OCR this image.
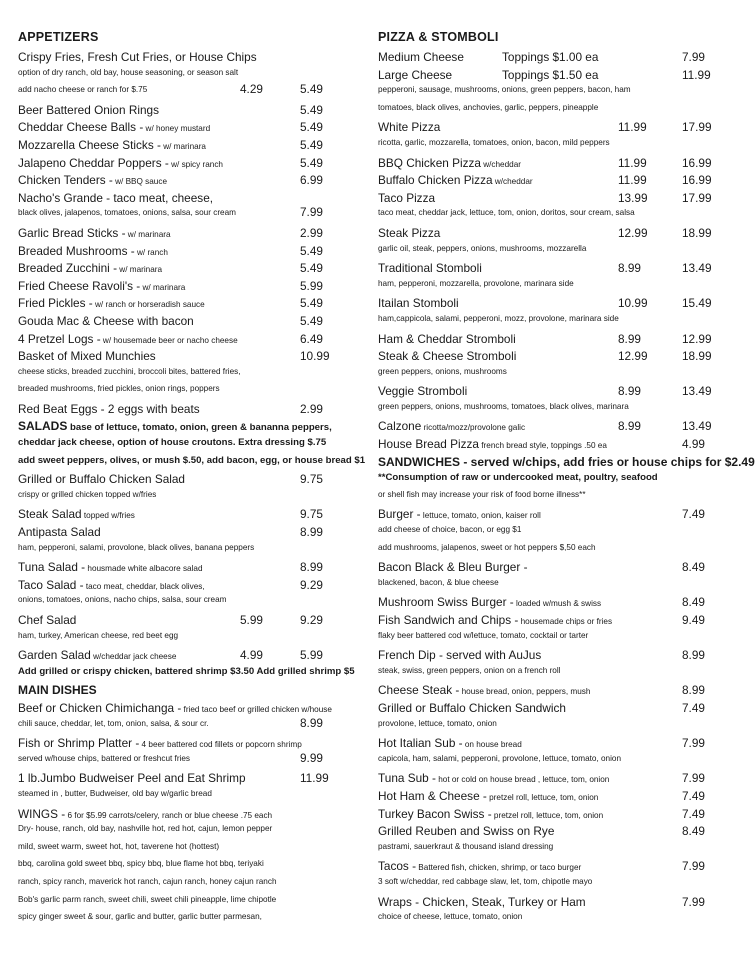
APPETIZERS
Crispy Fries, Fresh Cut Fries, or House Chips
option of dry ranch, old bay, house seasoning, or season salt
add nacho cheese or ranch for $.75	4.29	5.49
Beer Battered Onion Rings	5.49
Cheddar Cheese Balls - w/ honey mustard	5.49
Mozzarella Cheese Sticks - w/ marinara	5.49
Jalapeno Cheddar Poppers - w/ spicy ranch	5.49
Chicken Tenders - w/ BBQ sauce	6.99
Nacho's Grande - taco meat, cheese,
black olives, jalapenos, tomatoes, onions, salsa, sour cream	7.99
Garlic Bread Sticks - w/ marinara	2.99
Breaded Mushrooms - w/ ranch	5.49
Breaded Zucchini - w/ marinara	5.49
Fried Cheese Ravoli's - w/ marinara	5.99
Fried Pickles - w/ ranch or horseradish sauce	5.49
Gouda Mac & Cheese with bacon	5.49
4 Pretzel Logs - w/ housemade beer or nacho cheese	6.49
Basket of Mixed Munchies	10.99
cheese sticks, breaded zucchini, broccoli bites, battered fries,
breaded mushrooms, fried pickles, onion rings, poppers
Red Beat Eggs - 2 eggs with beats	2.99
SALADS base of lettuce, tomato, onion, green & bananna peppers,
cheddar jack cheese, option of house croutons. Extra dressing $.75
add sweet peppers, olives, or mush $.50, add bacon, egg, or house bread $1
Grilled or Buffalo Chicken Salad	9.75
crispy or grilled chicken topped w/fries
Steak Salad topped w/fries	9.75
Antipasta Salad	8.99
ham, pepperoni, salami, provolone, black olives, banana peppers
Tuna Salad - housmade white albacore salad	8.99
Taco Salad - taco meat, cheddar, black olives,	9.29
onions, tomatoes, onions, nacho chips, salsa, sour cream
Chef Salad	5.99	9.29
ham, turkey, American cheese, red beet egg
Garden Salad w/cheddar jack cheese	4.99	5.99
Add grilled or crispy chicken, battered shrimp $3.50 Add grilled shrimp $5
MAIN DISHES
Beef or Chicken Chimichanga - fried taco beef or grilled chicken w/house
chili sauce, cheddar, let, tom, onion, salsa, & sour cr.	8.99
Fish or Shrimp Platter - 4 beer battered cod fillets or popcorn shrimp
served w/house chips, battered or freshcut fries	9.99
1 lb.Jumbo Budweiser Peel and Eat Shrimp	11.99
steamed in , butter, Budweiser, old bay w/garlic bread
WINGS - 6 for $5.99 carrots/celery, ranch or blue cheese .75 each
Dry- house, ranch, old bay, nashville hot, red hot, cajun, lemon pepper
mild, sweet warm, sweet hot, hot, taverene hot (hottest)
bbq, carolina gold sweet bbq, spicy bbq, blue flame hot bbq, teriyaki
ranch, spicy ranch, maverick hot ranch, cajun ranch, honey cajun ranch
Bob's garlic parm ranch, sweet chili, sweet chili pineapple, lime chipotle
spicy ginger sweet & sour, garlic and butter, garlic butter parmesan,
PIZZA & STOMBOLI
Medium Cheese	Toppings $1.00 ea	7.99
Large Cheese	Toppings $1.50 ea	11.99
pepperoni, sausage, mushrooms, onions, green peppers, bacon, ham
tomatoes, black olives, anchovies, garlic, peppers, pineapple
White Pizza	11.99	17.99
ricotta, garlic, mozzarella, tomatoes, onion, bacon, mild peppers
BBQ Chicken Pizza w/cheddar	11.99	16.99
Buffalo Chicken Pizza w/cheddar	11.99	16.99
Taco Pizza	13.99	17.99
taco meat, cheddar jack, lettuce, tom, onion, doritos, sour cream, salsa
Steak Pizza	12.99	18.99
garlic oil, steak, peppers, onions, mushrooms, mozzarella
Traditional Stomboli	8.99	13.49
ham, pepperoni, mozzarella, provolone, marinara side
Itailan Stomboli	10.99	15.49
ham,cappicola, salami, pepperoni, mozz, provolone, marinara side
Ham & Cheddar Stromboli	8.99	12.99
Steak & Cheese Stromboli	12.99	18.99
green peppers, onions, mushrooms
Veggie Stromboli	8.99	13.49
green peppers, onions, mushrooms, tomatoes, black olives, marinara
Calzone ricotta/mozz/provolone galic	8.99	13.49
House Bread Pizza french bread style, toppings .50 ea	4.99
SANDWICHES - served w/chips, add fries or house chips for $2.49
**Consumption of raw or undercooked meat, poultry, seafood
or shell fish may increase your risk of food borne illness**
Burger - lettuce, tomato, onion, kaiser roll	7.49
add cheese of choice, bacon, or egg $1
add mushrooms, jalapenos, sweet or hot peppers $,50 each
Bacon Black & Bleu Burger -	8.49
blackened, bacon, & blue cheese
Mushroom Swiss Burger - loaded w/mush & swiss	8.49
Fish Sandwich and Chips - housemade chips or fries	9.49
flaky beer battered cod w/lettuce, tomato, cocktail or tarter
French Dip - served with AuJus	8.99
steak, swiss, green peppers, onion on a french roll
Cheese Steak - house bread, onion, peppers, mush	8.99
Grilled or Buffalo Chicken Sandwich	7.49
provolone, lettuce, tomato, onion
Hot Italian Sub - on house bread	7.99
capicola, ham, salami, pepperoni, provolone, lettuce, tomato, onion
Tuna Sub - hot or cold on house bread , lettuce, tom, onion	7.99
Hot Ham & Cheese - pretzel roll, lettuce, tom, onion	7.49
Turkey Bacon Swiss - pretzel roll, lettuce, tom, onion	7.49
Grilled Reuben and Swiss on Rye	8.49
pastrami, sauerkraut & thousand island dressing
Tacos - Battered fish, chicken, shrimp, or taco burger	7.99
3 soft w/cheddar, red cabbage slaw, let, tom, chipotle mayo
Wraps - Chicken, Steak, Turkey or Ham	7.99
choice of cheese, lettuce, tomato, onion
